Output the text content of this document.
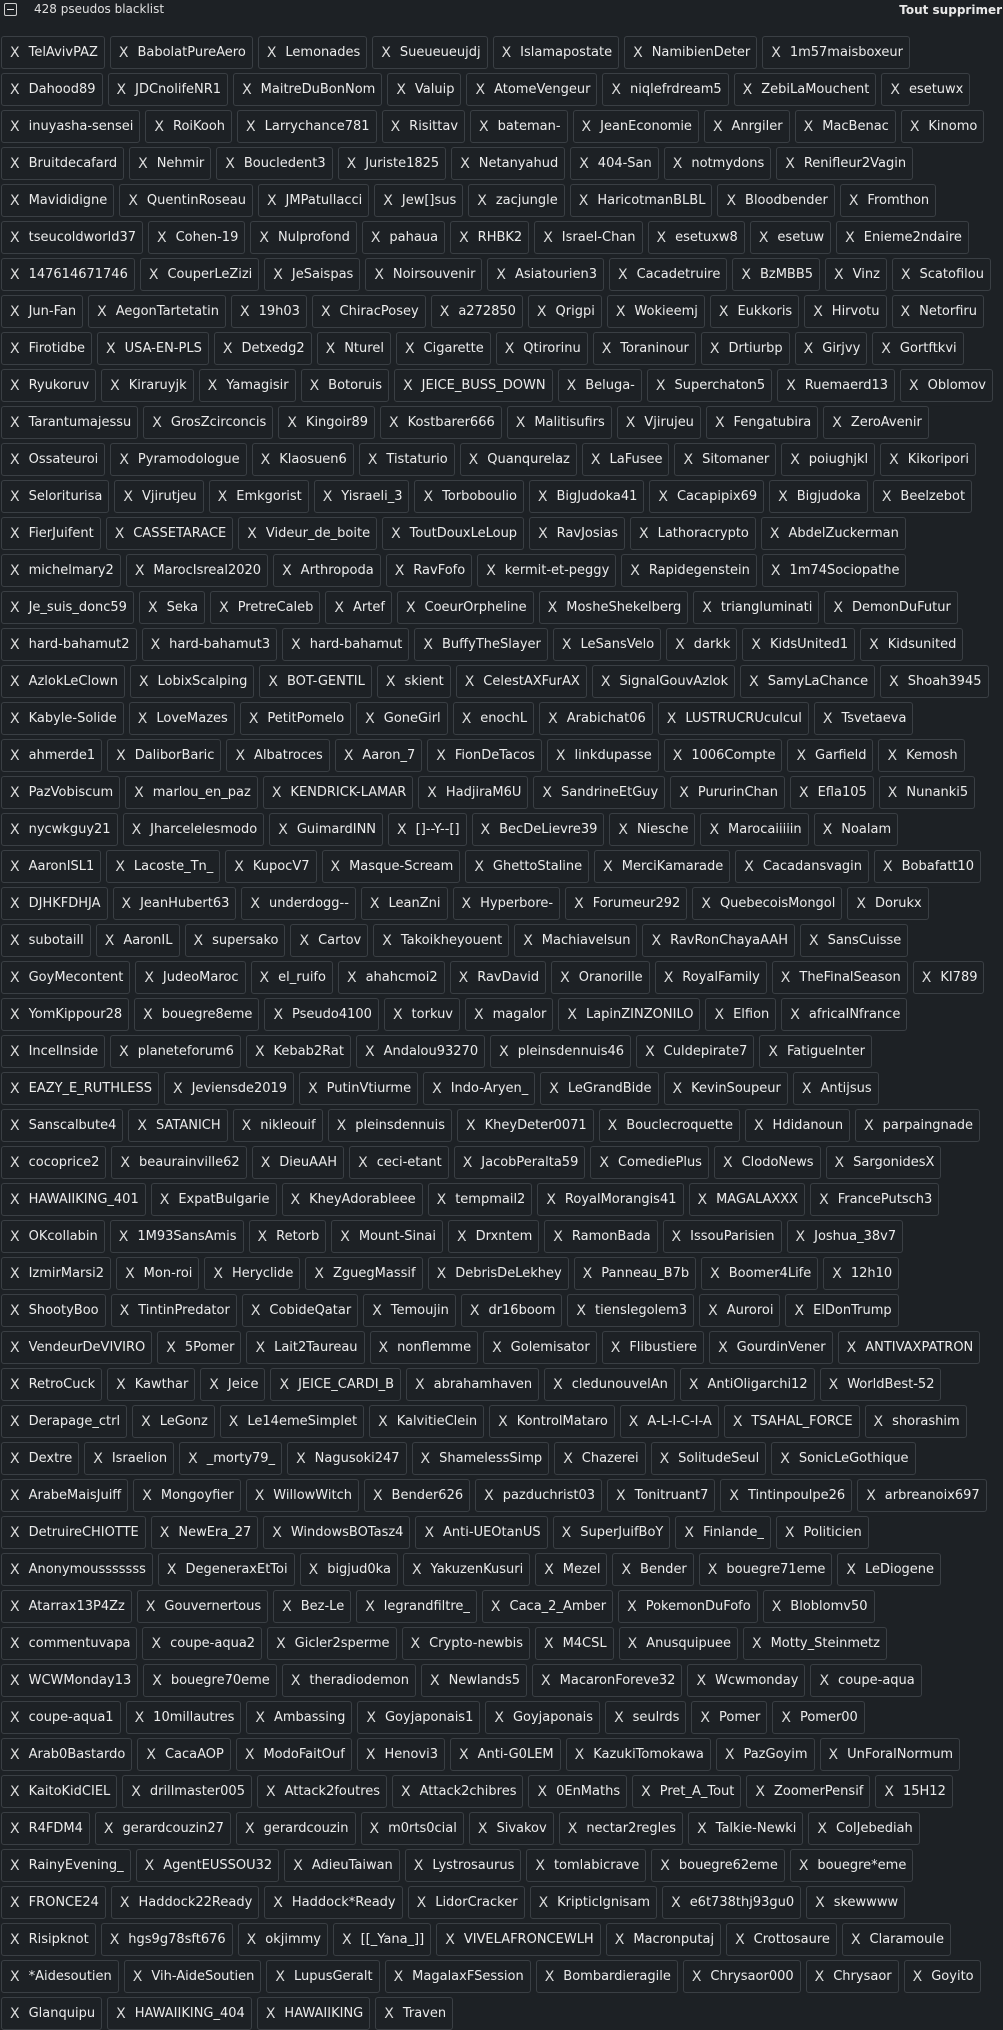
428 pseudos blacklist	Tout supprimer
X TelAvivPAZ X BabolatPureAero X Lemonades X Sueueueujdj X Islamapostate X NamibienDeter X 1m57maisboxeur
X Dahood89 X JDCnolifeNR1 X MaitreDuBonNom X Valuip X AtomeVengeur X niqlefrdream5 X ZebiLaMouchent X esetuwx
X inuyasha-sensei X RoiKooh X Larrychance781 X Risittav X bateman- X JeanEconomie X Anrgiler X MacBenac X Kinomo
X Bruitdecafard X Nehmir X Boucledent3 X Juriste1825 X Netanyahud X 404-San X notmydons X Renifleur2Vagin
X Mavididigne X QuentinRoseau X JMPatullacci X Jew[]sus X zacjungle X HaricotmanBLBL X Bloodbender X Fromthon
X tseucoldworld37 X Cohen-19 X Nulprofond X pahaua X RHBK2 X Israel-Chan X esetuxw8 X esetuw X Enieme2ndaire
X 147614671746 X CouperLeZizi X JeSaispas X Noirsouvenir X Asiatourien3 X Cacadetruire X BzMBB5 X Vinz X Scatofilou
X Jun-Fan X AegonTartetatin X 19h03 X ChiracPosey X a272850 X Qrigpi X Wokieemj X Eukkoris X Hirvotu X Netorfiru
X Firotidbe X USA-EN-PLS X Detxedg2 X Nturel X Cigarette X Qtirorinu X Toraninour X Drtiurbp X Girjvy X Gortftkvi
X Ryukoruv X Kiraruyjk X Yamagisir X Botoruis X JEICE_BUSS_DOWN X Beluga- X Superchaton5 X Ruemaerd13 X Oblomov
X Tarantumajessu X GrosZcirconcis X Kingoir89 X Kostbarer666 X Malitisufirs X Vjirujeu X Fengatubira X ZeroAvenir
X Ossateuroi X Pyramodologue X Klaosuen6 X Tistaturio X Quanqurelaz X LaFusee X Sitomaner X poiughjkl X Kikoripori
X Seloriturisa X Vjirutjeu X Emkgorist X Yisraeli_3 X Torboboulio X BigJudoka41 X Cacapipix69 X Bigjudoka X Beelzebot
X FierJuifent X CASSETARACE X Videur_de_boite X ToutDouxLeLoup X RavJosias X Lathoracrypto X AbdelZuckerman
X michelmary2 X MarocIsreal2020 X Arthropoda X RavFofo X kermit-et-peggy X Rapidegenstein X 1m74Sociopathe
X Je_suis_donc59 X Seka X PretreCaleb X Artef X CoeurOrpheline X MosheShekelberg X triangluminati X DemonDuFutur
X hard-bahamut2 X hard-bahamut3 X hard-bahamut X BuffyTheSlayer X LeSansVelo X darkk X KidsUnited1 X Kidsunited
X AzlokLeClown X LobixScalping X BOT-GENTIL X skient X CelestAXFurAX X SignalGouvAzlok X SamyLaChance X Shoah3945
X Kabyle-Solide X LoveMazes X PetitPomelo X GoneGirl X enochL X Arabichat06 X LUSTRUCRUculcul X Tsvetaeva
X ahmerde1 X DaliborBaric X Albatroces X Aaron_7 X FionDeTacos X linkdupasse X 1006Compte X Garfield X Kemosh
X PazVobiscum X marlou_en_paz X KENDRICK-LAMAR X HadjiraM6U X SandrineEtGuy X PururinChan X Efla105 X Nunanki5
X nycwkguy21 X Jharcelelesmodo X GuimardINN X []--Y--[] X BecDeLievre39 X Niesche X Marocaiiiiin X Noalam
X AaronISL1 X Lacoste_Tn_ X KupocV7 X Masque-Scream X GhettoStaline X MerciKamarade X Cacadansvagin X Bobafatt10
X DJHKFDHJA X JeanHubert63 X underdogg-- X LeanZni X Hyperbore- X Forumeur292 X QuebecoisMongol X Dorukx
X subotaill X AaronIL X supersako X Cartov X Takoikheyouent X Machiavelsun X RavRonChayaAAH X SansCuisse
X GoyMecontent X JudeoMaroc X el_ruifo X ahahcmoi2 X RavDavid X Oranorille X RoyalFamily X TheFinalSeason X KI789
X YomKippour28 X bouegre8eme X Pseudo4100 X torkuv X magalor X LapinZINZONILO X Elfion X africaINfrance
X IncelInside X planeteforum6 X Kebab2Rat X Andalou93270 X pleinsdennuis46 X Culdepirate7 X FatigueInter
X EAZY_E_RUTHLESS X Jeviensde2019 X PutinVtiurme X Indo-Aryen_ X LeGrandBide X KevinSoupeur X Antijsus
X Sanscalbute4 X SATANICH X nikleouif X pleinsdennuis X KheyDeter0071 X Bouclecroquette X Hdidanoun X parpaingnade
X cocoprice2 X beaurainville62 X DieuAAH X ceci-etant X JacobPeralta59 X ComediePlus X ClodoNews X SargonidesX
X HAWAIIKING_401 X ExpatBulgarie X KheyAdorableee X tempmail2 X RoyalMorangis41 X MAGALAXXX X FrancePutsch3
X OKcollabin X 1M93SansAmis X Retorb X Mount-Sinai X Drxntem X RamonBada X IssouParisien X Joshua_38v7
X IzmirMarsi2 X Mon-roi X Heryclide X ZguegMassif X DebrisDeLekhey X Panneau_B7b X Boomer4Life X 12h10
X ShootyBoo X TintinPredator X CobideQatar X Temoujin X dr16boom X tienslegolem3 X Auroroi X ElDonTrump
X VendeurDeVIVIRO X 5Pomer X Lait2Taureau X nonflemme X Golemisator X Flibustiere X GourdinVener X ANTIVAXPATRON
X RetroCuck X Kawthar X Jeice X JEICE_CARDI_B X abrahamhaven X cledunouvelAn X AntiOligarchi12 X WorldBest-52
X Derapage_ctrl X LeGonz X Le14emeSimplet X KalvitieClein X KontrolMataro X A-L-I-C-I-A X TSAHAL_FORCE X shorashim
X Dextre X Israelion X _morty79_ X Nagusoki247 X ShamelessSimp X Chazerei X SolitudeSeul X SonicLeGothique
X ArabeMaisJuiff X Mongoyfier X WillowWitch X Bender626 X pazduchrist03 X Tonitruant7 X Tintinpoulpe26 X arbreanoix697
X DetruireCHIOTTE X NewEra_27 X WindowsBOTasz4 X Anti-UEOtanUS X SuperJuifBoY X Finlande_ X Politicien
X Anonymousssssss X DegeneraxEtToi X bigjud0ka X YakuzenKusuri X Mezel X Bender X bouegre71eme X LeDiogene
X Atarrax13P4Zz X Gouvernertous X Bez-Le X legrandfiltre_ X Caca_2_Amber X PokemonDuFofo X Bloblomv50
X commentuvapa X coupe-aqua2 X Gicler2sperme X Crypto-newbis X M4CSL X Anusquipuee X Motty_Steinmetz
X WCWMonday13 X bouegre70eme X theradiodemon X Newlands5 X MacaronForeve32 X Wcwmonday X coupe-aqua
X coupe-aqua1 X 10millautres X Ambassing X Goyjaponais1 X Goyjaponais X seulrds X Pomer X Pomer00
X Arab0Bastardo X CacaAOP X ModoFaitOuf X Henovi3 X Anti-G0LEM X KazukiTomokawa X PazGoyim X UnForalNormum
X KaitoKidCIEL X drillmaster005 X Attack2foutres X Attack2chibres X 0EnMaths X Pret_A_Tout X ZoomerPensif X 15H12
X R4FDM4 X gerardcouzin27 X gerardcouzin X m0rts0cial X Sivakov X nectar2regles X Talkie-Newki X ColJebediah
X RainyEvening_ X AgentEUSSOU32 X AdieuTaiwan X Lystrosaurus X tomlabicrave X bouegre62eme X bouegre*eme
X FRONCE24 X Haddock22Ready X Haddock*Ready X LidorCracker X KripticIgnisam X e6t738thj93gu0 X skewwww
X Risipknot X hgs9g78sft676 X okjimmy X [[_Yana_]] X VIVELAFRONCEWLH X Macronputaj X Crottosaure X Claramoule
X *Aidesoutien X Vih-AideSoutien X LupusGeralt X MagalaxFSession X Bombardieragile X Chrysaor000 X Chrysaor X Goyito
X Glanquipu X HAWAIIKING_404 X HAWAIIKING X Traven
